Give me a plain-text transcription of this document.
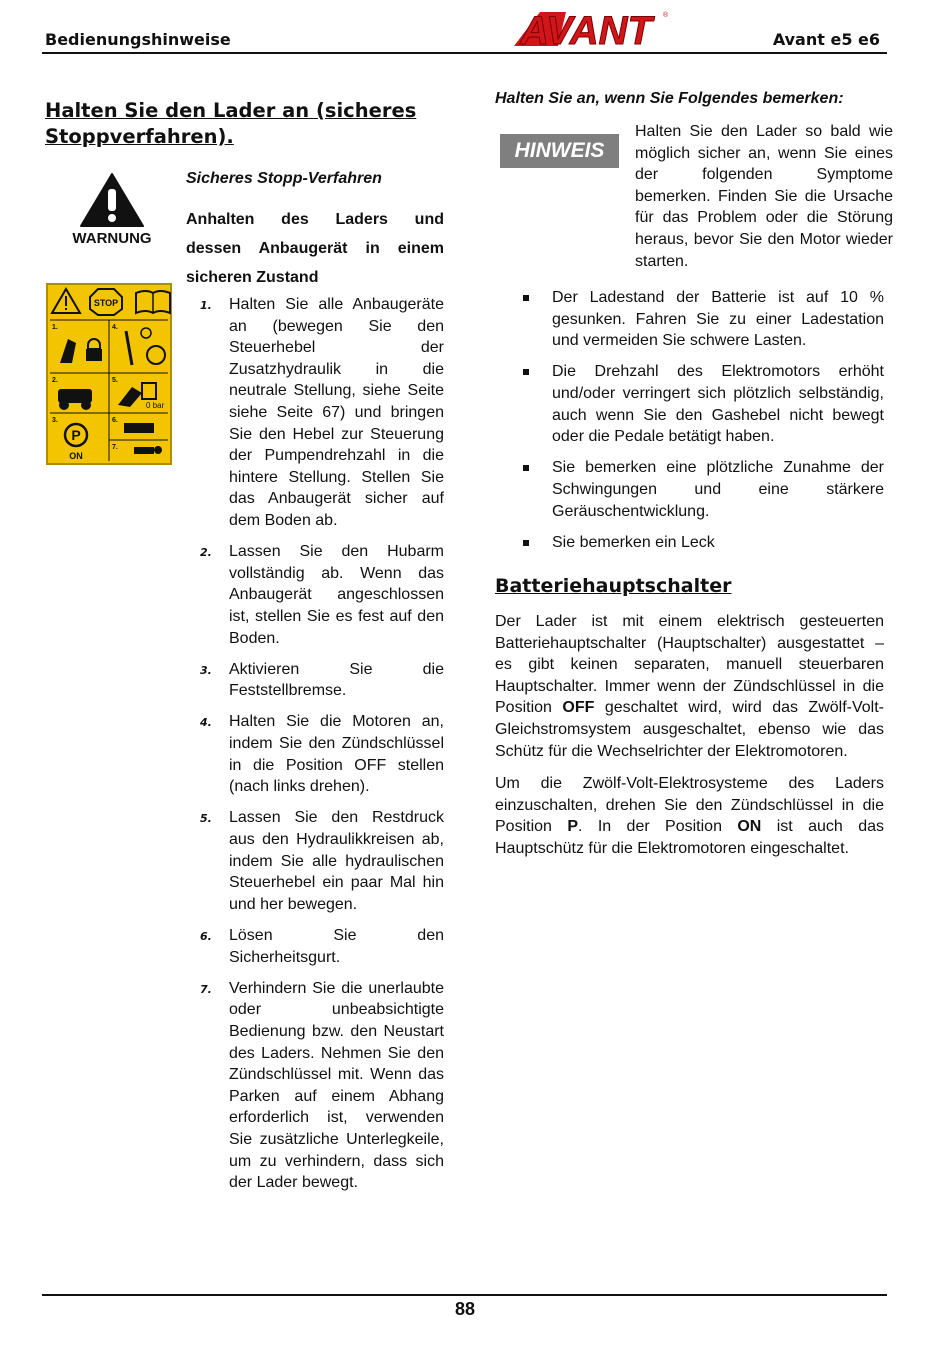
Bedienungshinweise	AVANT	®
Avant e5 e6
Halten Sie den Lader an (sicheres Stoppverfahren).
WARNUNG
STOP
1.
2.
3.
4.
5.
6.
7.
0 bar
P
ON
Sicheres Stopp-Verfahren
Anhalten des Laders und
dessen Anbaugerät in einem
sicheren Zustand
1. Halten Sie alle Anbaugeräte an (bewegen Sie den Steuerhebel der Zusatzhydraulik in die neutrale Stellung, siehe Seite siehe Seite 67) und bringen Sie den Hebel zur Steuerung der Pumpendrehzahl in die hintere Stellung. Stellen Sie das Anbaugerät sicher auf dem Boden ab.
2. Lassen Sie den Hubarm vollständig ab. Wenn das Anbaugerät angeschlossen ist, stellen Sie es fest auf den Boden.
3. Aktivieren Sie die Feststellbremse.
4. Halten Sie die Motoren an, indem Sie den Zündschlüssel in die Position OFF stellen (nach links drehen).
5. Lassen Sie den Restdruck aus den Hydraulikkreisen ab, indem Sie alle hydraulischen Steuerhebel ein paar Mal hin und her bewegen.
6. Lösen Sie den Sicherheitsgurt.
7. Verhindern Sie die unerlaubte oder unbeabsichtigte Bedienung bzw. den Neustart des Laders. Nehmen Sie den Zündschlüssel mit. Wenn das Parken auf einem Abhang erforderlich ist, verwenden Sie zusätzliche Unterlegkeile, um zu verhindern, dass sich der Lader bewegt.
Halten Sie an, wenn Sie Folgendes bemerken:
HINWEIS
Halten Sie den Lader so bald wie möglich sicher an, wenn Sie eines der folgenden Symptome bemerken. Finden Sie die Ursache für das Problem oder die Störung heraus, bevor Sie den Motor wieder starten.
Der Ladestand der Batterie ist auf 10 % gesunken. Fahren Sie zu einer Ladestation und vermeiden Sie schwere Lasten.
Die Drehzahl des Elektromotors erhöht und/oder verringert sich plötzlich selbständig, auch wenn Sie den Gashebel nicht bewegt oder die Pedale betätigt haben.
Sie bemerken eine plötzliche Zunahme der Schwingungen und eine stärkere Geräuschentwicklung.
Sie bemerken ein Leck
Batteriehauptschalter

Der Lader ist mit einem elektrisch gesteuerten Batteriehauptschalter (Hauptschalter) ausgestattet – es gibt keinen separaten, manuell steuerbaren Hauptschalter. Immer wenn der Zündschlüssel in die Position OFF geschaltet wird, wird das Zwölf-Volt-Gleichstromsystem ausgeschaltet, ebenso wie das Schütz für die Wechselrichter der Elektromotoren.

Um die Zwölf-Volt-Elektrosysteme des Laders einzuschalten, drehen Sie den Zündschlüssel in die Position P. In der Position ON ist auch das Hauptschütz für die Elektromotoren eingeschaltet.

88
